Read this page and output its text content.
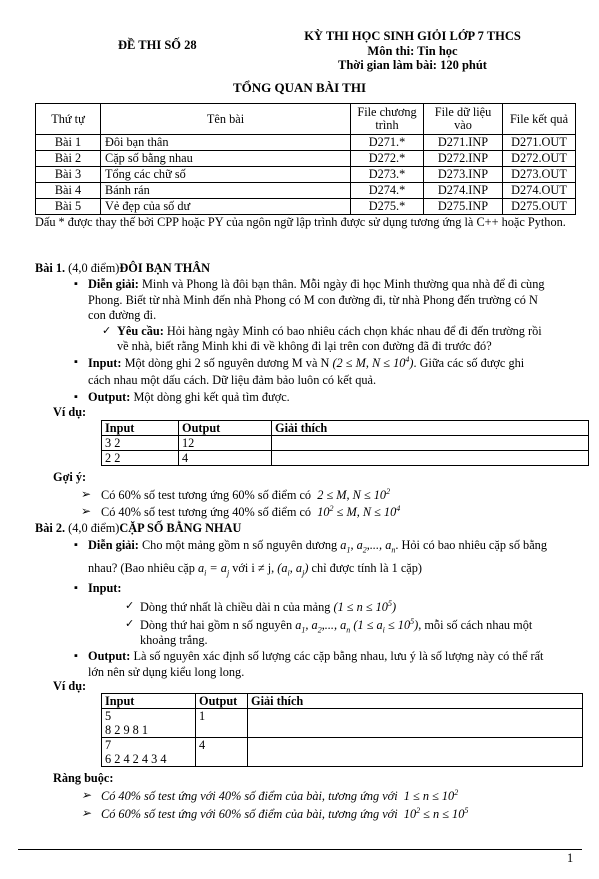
ĐỀ THI SỐ 28
KỲ THI HỌC SINH GIỎI LỚP 7 THCS
Môn thi: Tin học
Thời gian làm bài: 120 phút
TỔNG QUAN BÀI THI
Thứ tự	Tên bài	File chương trình	File dữ liệu vào	File kết quả
Bài 1	Đôi bạn thân	D271.*	D271.INP	D271.OUT
Bài 2	Cặp số bằng nhau	D272.*	D272.INP	D272.OUT
Bài 3	Tổng các chữ số	D273.*	D273.INP	D273.OUT
Bài 4	Bánh rán	D274.*	D274.INP	D274.OUT
Bài 5	Vẻ đẹp của số dư	D275.*	D275.INP	D275.OUT
Dấu * được thay thế bởi CPP hoặc PY của ngôn ngữ lập trình được sử dụng tương ứng là C++ hoặc Python.
Bài 1. (4,0 điểm)ĐÔI BẠN THÂN
▪ Diễn giải: Minh và Phong là đôi bạn thân. Mỗi ngày đi học Minh thường qua nhà để đi cùng
Phong. Biết từ nhà Minh đến nhà Phong có M con đường đi, từ nhà Phong đến trường có N
con đường đi.
✓ Yêu cầu: Hỏi hàng ngày Minh có bao nhiêu cách chọn khác nhau để đi đến trường rồi
về nhà, biết rằng Minh khi đi về không đi lại trên con đường đã đi trước đó?
▪ Input: Một dòng ghi 2 số nguyên dương M và N (2 ≤ M, $N \le 10^4$). Giữa các số được ghi
cách nhau một dấu cách. Dữ liệu đảm bảo luôn có kết quả.
▪ Output: Một dòng ghi kết quả tìm được.
Ví dụ:
Input	Output	Giải thích
3 2	12	
2 2	4	
Gợi ý:
➢ Có 60% số test tương ứng 60% số điểm có  2 ≤ M, $N \le 10^2$
➢ Có 40% số test tương ứng 40% số điểm có  $10^2 \le M$, $N \le 10^4$
Bài 2. (4,0 điểm)CẶP SỐ BẰNG NHAU
▪ Diễn giải: Cho một mảng gồm n số nguyên dương $a_1$, $a_2$,..., $a_n$. Hỏi có bao nhiêu cặp số bằng
nhau? (Bao nhiêu cặp $a_i = a_j$ với i ≠ j, ($a_i$, $a_j$) chỉ được tính là 1 cặp)
▪ Input:
✓ Dòng thứ nhất là chiều dài n của mảng $(1 \le n \le 10^5)$
✓ Dòng thứ hai gồm n số nguyên $a_1$, $a_2$,..., $a_n$ $(1 \le a_i \le 10^5)$, mỗi số cách nhau một
khoảng trắng.
▪ Output: Là số nguyên xác định số lượng các cặp bằng nhau, lưu ý là số lượng này có thể rất
lớn nên sử dụng kiểu long long.
Ví dụ:
Input	Output	Giải thích

5
8 2 9 8 1	1	

7
6 2 4 2 4 3 4	4	
Ràng buộc:
➢ Có 40% số test ứng với 40% số điểm của bài, tương ứng với  $1 \le n \le 10^2$
➢ Có 60% số test ứng với 60% số điểm của bài, tương ứng với  $10^2 \le n \le 10^5$
1
